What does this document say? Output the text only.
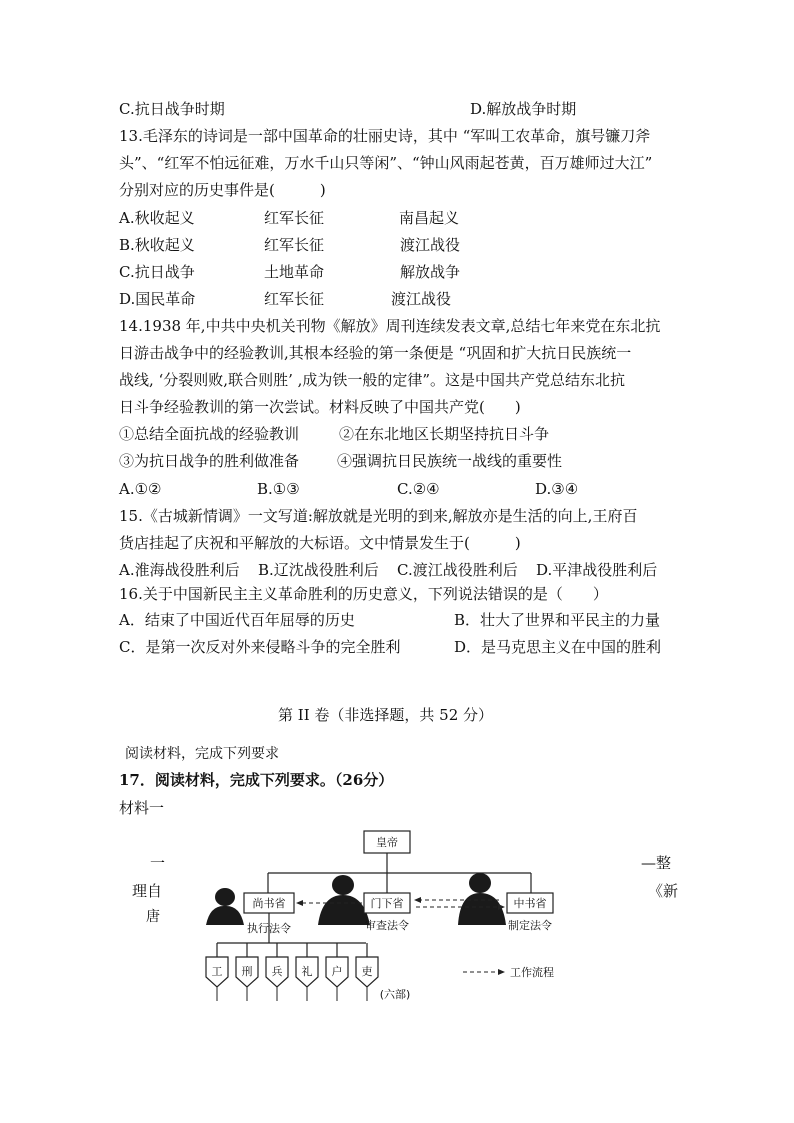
C.抗日战争时期	D.解放战争时期
13.毛泽东的诗词是一部中国革命的壮丽史诗，其中 “军叫工农革命，旗号镰刀斧
头”、“红军不怕远征难，万水千山只等闲”、“钟山风雨起苍黄，百万雄师过大江”
分别对应的历史事件是(　　　)
A.秋收起义	红军长征	南昌起义
B.秋收起义	红军长征	渡江战役
C.抗日战争	土地革命	解放战争
D.国民革命	红军长征	渡江战役
14.1938 年,中共中央机关刊物《解放》周刊连续发表文章,总结七年来党在东北抗
日游击战争中的经验教训,其根本经验的第一条便是 “巩固和扩大抗日民族统一
战线, ‘分裂则败,联合则胜’ ,成为铁一般的定律”。这是中国共产党总结东北抗
日斗争经验教训的第一次尝试。材料反映了中国共产党(　　)
①总结全面抗战的经验教训	②在东北地区长期坚持抗日斗争
③为抗日战争的胜利做准备	④强调抗日民族统一战线的重要性
A.①②	B.①③	C.②④	D.③④
15.《古城新情调》一文写道:解放就是光明的到来,解放亦是生活的向上,王府百
货店挂起了庆祝和平解放的大标语。文中情景发生于(　　　)
A.淮海战役胜利后 B.辽沈战役胜利后 C.渡江战役胜利后 D.平津战役胜利后
16.关于中国新民主主义革命胜利的历史意义，下列说法错误的是（　　）
A．结束了中国近代百年屈辱的历史	B．壮大了世界和平民主的力量
C．是第一次反对外来侵略斗争的完全胜利	D．是马克思主义在中国的胜利
第 II 卷（非选择题，共 52 分）
阅读材料，完成下列要求
17．阅读材料，完成下列要求。（26分）
材料一
皇帝
尚书省	门下省	中书省
执行法令	审查法令	制定法令
工 刑 兵 礼 户 吏
(六部)
工作流程
一
理自
唐
—整
《新
